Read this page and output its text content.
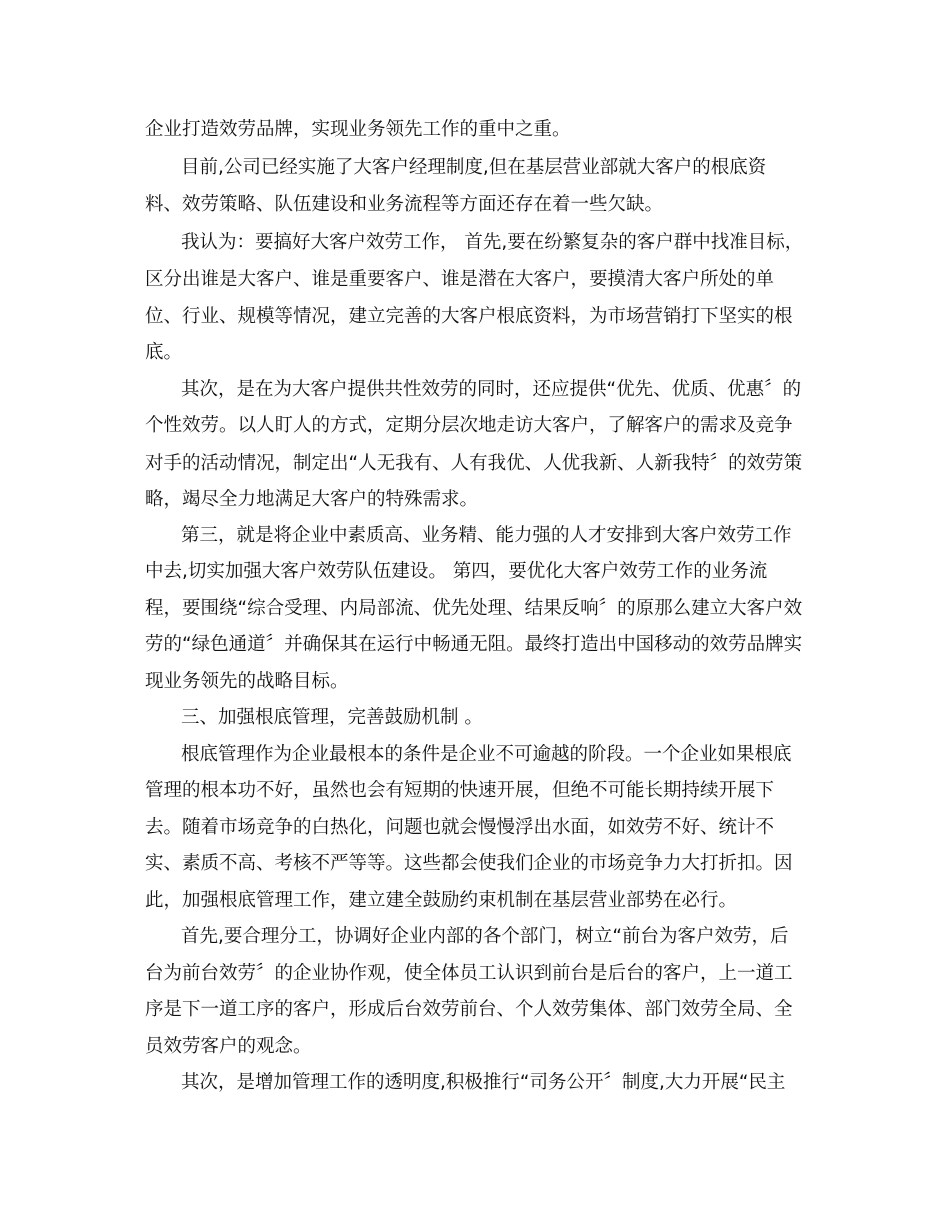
企业打造效劳品牌，实现业务领先工作的重中之重。
目前,公司已经实施了大客户经理制度,但在基层营业部就大客户的根底资
料、效劳策略、队伍建设和业务流程等方面还存在着一些欠缺。
我认为：要搞好大客户效劳工作， 首先,要在纷繁复杂的客户群中找准目标，
区分出谁是大客户、谁是重要客户、谁是潜在大客户，要摸清大客户所处的单
位、行业、规模等情况，建立完善的大客户根底资料，为市场营销打下坚实的根
底。
其次，是在为大客户提供共性效劳的同时，还应提供“优先、优质、优惠〞的
个性效劳。以人盯人的方式，定期分层次地走访大客户，了解客户的需求及竞争
对手的活动情况，制定出“人无我有、人有我优、人优我新、人新我特〞的效劳策
略，竭尽全力地满足大客户的特殊需求。
第三，就是将企业中素质高、业务精、能力强的人才安排到大客户效劳工作
中去,切实加强大客户效劳队伍建设。 第四，要优化大客户效劳工作的业务流
程，要围绕“综合受理、内局部流、优先处理、结果反响〞的原那么建立大客户效
劳的“绿色通道〞并确保其在运行中畅通无阻。最终打造出中国移动的效劳品牌实
现业务领先的战略目标。
三、加强根底管理，完善鼓励机制 。
根底管理作为企业最根本的条件是企业不可逾越的阶段。一个企业如果根底
管理的根本功不好，虽然也会有短期的快速开展，但绝不可能长期持续开展下
去。随着市场竞争的白热化，问题也就会慢慢浮出水面，如效劳不好、统计不
实、素质不高、考核不严等等。这些都会使我们企业的市场竞争力大打折扣。因
此，加强根底管理工作，建立建全鼓励约束机制在基层营业部势在必行。
首先,要合理分工，协调好企业内部的各个部门，树立“前台为客户效劳，后
台为前台效劳〞的企业协作观，使全体员工认识到前台是后台的客户，上一道工
序是下一道工序的客户，形成后台效劳前台、个人效劳集体、部门效劳全局、全
员效劳客户的观念。
其次，是增加管理工作的透明度,积极推行“司务公开〞制度,大力开展“民主
